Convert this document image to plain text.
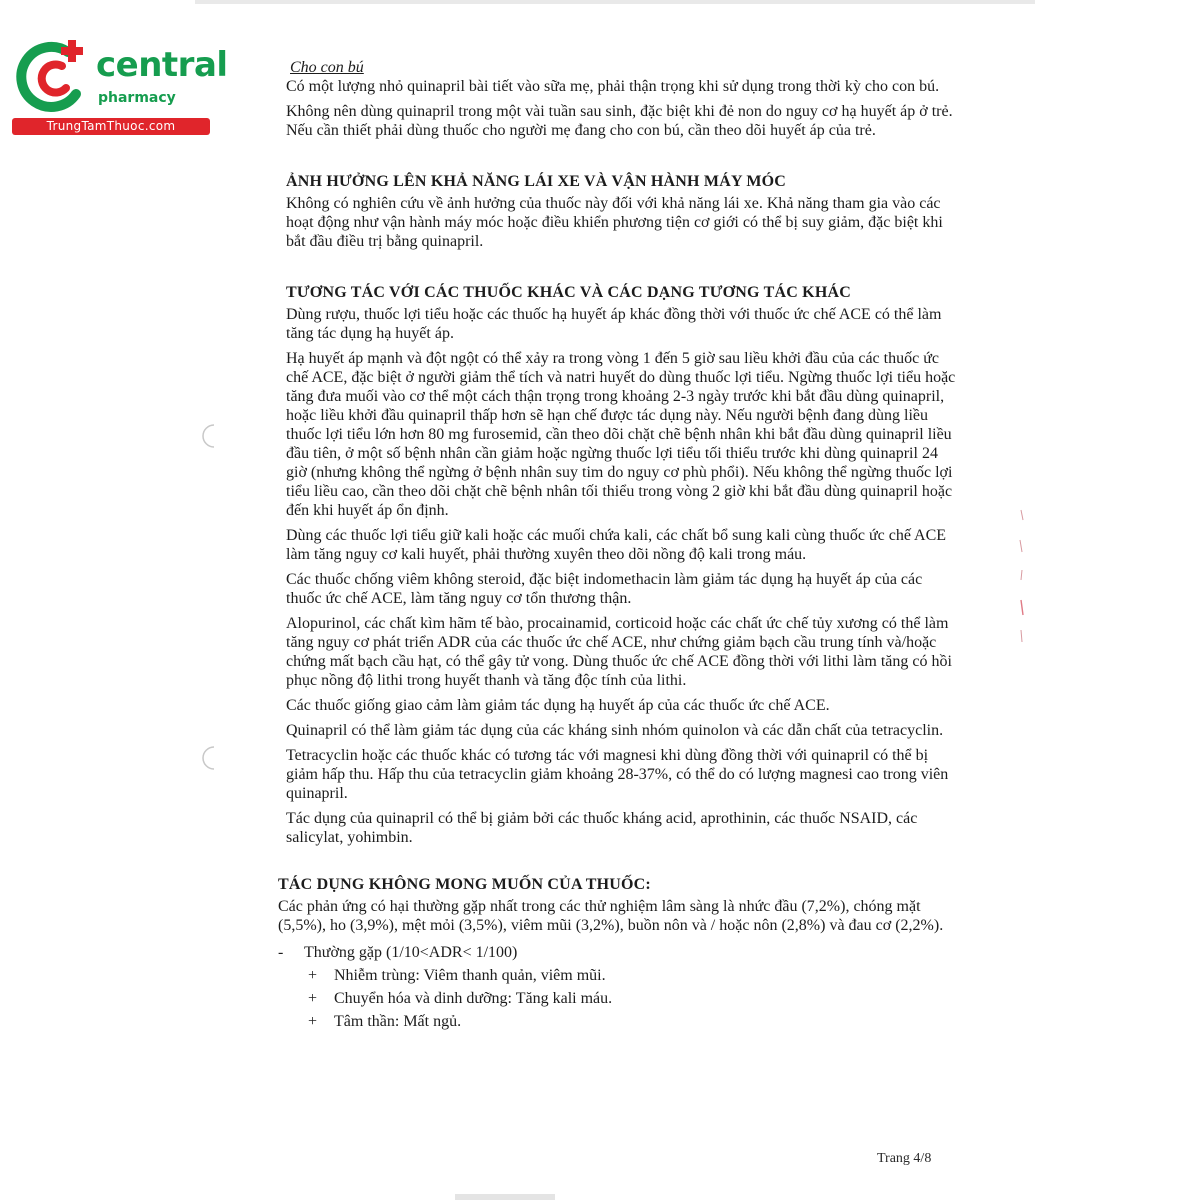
central
pharmacy
TrungTamThuoc.com
Cho con bú

Có một lượng nhỏ quinapril bài tiết vào sữa mẹ, phải thận trọng khi sử dụng trong thời kỳ cho con bú.

Không nên dùng quinapril trong một vài tuần sau sinh, đặc biệt khi đẻ non do nguy cơ hạ huyết áp ở trẻ. Nếu cần thiết phải dùng thuốc cho người mẹ đang cho con bú, cần theo dõi huyết áp của trẻ.

ẢNH HƯỞNG LÊN KHẢ NĂNG LÁI XE VÀ VẬN HÀNH MÁY MÓC

Không có nghiên cứu về ảnh hưởng của thuốc này đối với khả năng lái xe. Khả năng tham gia vào các hoạt động như vận hành máy móc hoặc điều khiển phương tiện cơ giới có thể bị suy giảm, đặc biệt khi bắt đầu điều trị bằng quinapril.

TƯƠNG TÁC VỚI CÁC THUỐC KHÁC VÀ CÁC DẠNG TƯƠNG TÁC KHÁC

Dùng rượu, thuốc lợi tiểu hoặc các thuốc hạ huyết áp khác đồng thời với thuốc ức chế ACE có thể làm tăng tác dụng hạ huyết áp.

Hạ huyết áp mạnh và đột ngột có thể xảy ra trong vòng 1 đến 5 giờ sau liều khởi đầu của các thuốc ức chế ACE, đặc biệt ở người giảm thể tích và natri huyết do dùng thuốc lợi tiểu. Ngừng thuốc lợi tiểu hoặc tăng đưa muối vào cơ thể một cách thận trọng trong khoảng 2-3 ngày trước khi bắt đầu dùng quinapril, hoặc liều khởi đầu quinapril thấp hơn sẽ hạn chế được tác dụng này. Nếu người bệnh đang dùng liều thuốc lợi tiểu lớn hơn 80 mg furosemid, cần theo dõi chặt chẽ bệnh nhân khi bắt đầu dùng quinapril liều đầu tiên, ở một số bệnh nhân cần giảm hoặc ngừng thuốc lợi tiểu tối thiểu trước khi dùng quinapril 24 giờ (nhưng không thể ngừng ở bệnh nhân suy tim do nguy cơ phù phổi). Nếu không thể ngừng thuốc lợi tiểu liều cao, cần theo dõi chặt chẽ bệnh nhân tối thiểu trong vòng 2 giờ khi bắt đầu dùng quinapril hoặc đến khi huyết áp ổn định.

Dùng các thuốc lợi tiểu giữ kali hoặc các muối chứa kali, các chất bổ sung kali cùng thuốc ức chế ACE làm tăng nguy cơ kali huyết, phải thường xuyên theo dõi nồng độ kali trong máu.

Các thuốc chống viêm không steroid, đặc biệt indomethacin làm giảm tác dụng hạ huyết áp của các thuốc ức chế ACE, làm tăng nguy cơ tổn thương thận.

Alopurinol, các chất kìm hãm tế bào, procainamid, corticoid hoặc các chất ức chế tủy xương có thể làm tăng nguy cơ phát triển ADR của các thuốc ức chế ACE, như chứng giảm bạch cầu trung tính và/hoặc chứng mất bạch cầu hạt, có thể gây tử vong. Dùng thuốc ức chế ACE đồng thời với lithi làm tăng có hồi phục nồng độ lithi trong huyết thanh và tăng độc tính của lithi.

Các thuốc giống giao cảm làm giảm tác dụng hạ huyết áp của các thuốc ức chế ACE.

Quinapril có thể làm giảm tác dụng của các kháng sinh nhóm quinolon và các dẫn chất của tetracyclin.

Tetracyclin hoặc các thuốc khác có tương tác với magnesi khi dùng đồng thời với quinapril có thể bị giảm hấp thu. Hấp thu của tetracyclin giảm khoảng 28-37%, có thể do có lượng magnesi cao trong viên quinapril.

Tác dụng của quinapril có thể bị giảm bởi các thuốc kháng acid, aprothinin, các thuốc NSAID, các salicylat, yohimbin.

TÁC DỤNG KHÔNG MONG MUỐN CỦA THUỐC:

Các phản ứng có hại thường gặp nhất trong các thử nghiệm lâm sàng là nhức đầu (7,2%), chóng mặt (5,5%), ho (3,9%), mệt mỏi (3,5%), viêm mũi (3,2%), buồn nôn và / hoặc nôn (2,8%) và đau cơ (2,2%).

- Thường gặp (1/10<ADR< 1/100)
+ Nhiễm trùng: Viêm thanh quản, viêm mũi.
+ Chuyển hóa và dinh dưỡng: Tăng kali máu.
+ Tâm thần: Mất ngủ.
Trang 4/8
